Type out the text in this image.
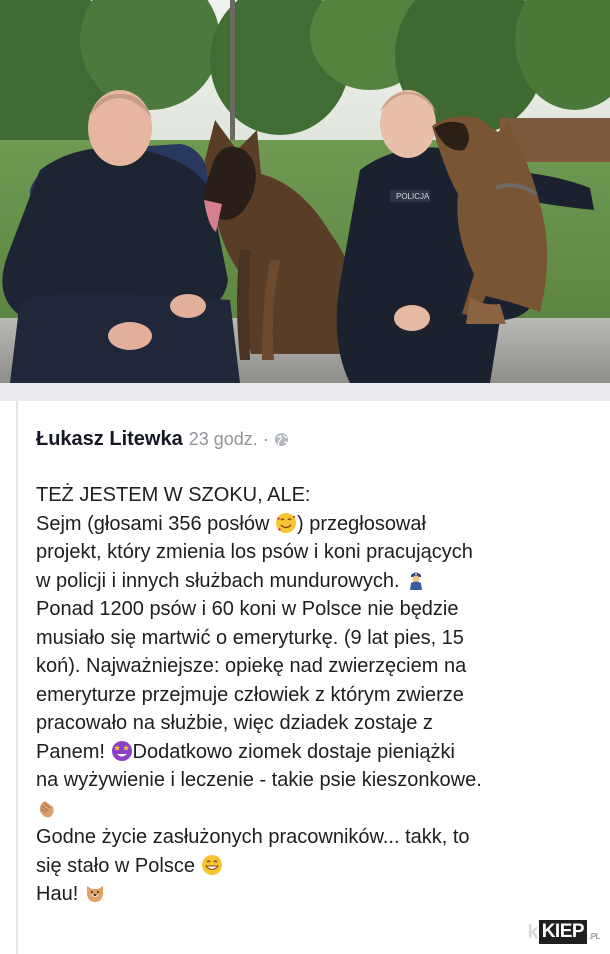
POLICJA
Łukasz Litewka 23 godz. ·
TEŻ JESTEM W SZOKU, ALE:
Sejm (głosami 356 posłów ) przegłosował
projekt, który zmienia los psów i koni pracujących
w policji i innych służbach mundurowych.
Ponad 1200 psów i 60 koni w Polsce nie będzie
musiało się martwić o emeryturkę. (9 lat pies, 15
koń). Najważniejsze: opiekę nad zwierzęciem na
emeryturze przejmuje człowiek z którym zwierze
pracowało na służbie, więc dziadek zostaje z
Panem! Dodatkowo ziomek dostaje pieniążki
na wyżywienie i leczenie - takie psie kieszonkowe.
Godne życie zasłużonych pracowników... takk, to
się stało w Polsce
Hau!
k KIEP .PL
